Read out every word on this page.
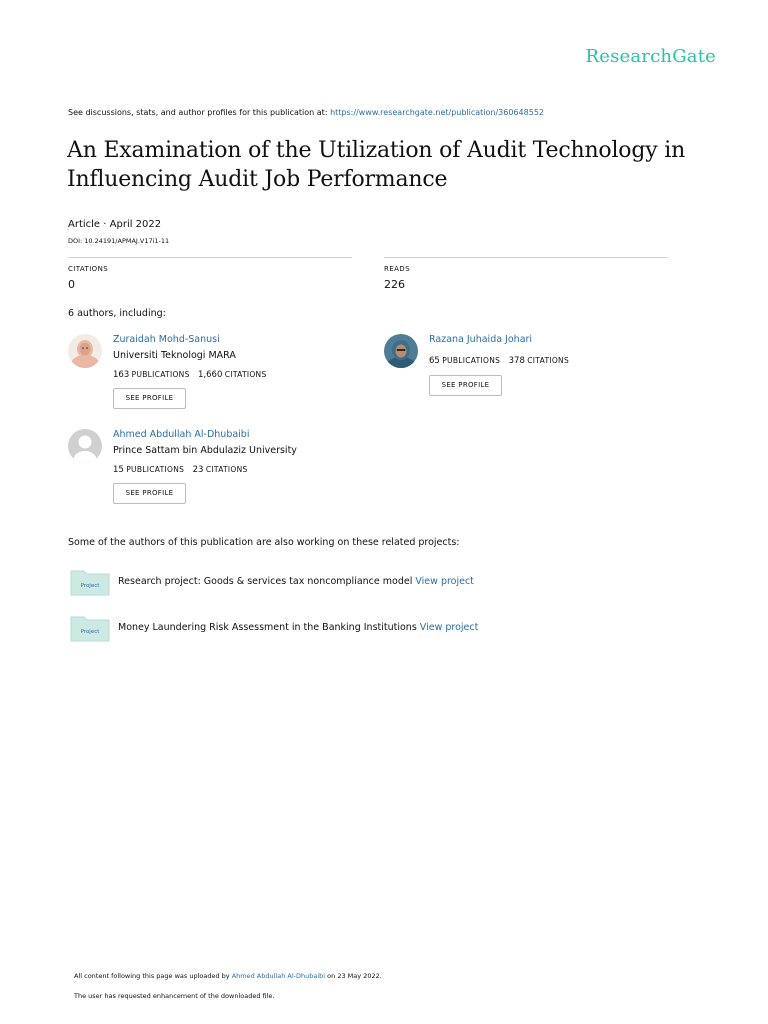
ResearchGate
See discussions, stats, and author profiles for this publication at: https://www.researchgate.net/publication/360648552
An Examination of the Utilization of Audit Technology in Influencing Audit Job Performance
Article · April 2022
DOI: 10.24191/APMAJ.V17i1-11
CITATIONS
0
READS
226
6 authors, including:
Zuraidah Mohd-Sanusi
Universiti Teknologi MARA
163 PUBLICATIONS 1,660 CITATIONS
SEE PROFILE
Razana Juhaida Johari
65 PUBLICATIONS 378 CITATIONS
SEE PROFILE
Ahmed Abdullah Al-Dhubaibi
Prince Sattam bin Abdulaziz University
15 PUBLICATIONS 23 CITATIONS
SEE PROFILE
Some of the authors of this publication are also working on these related projects:
Project Research project: Goods & services tax noncompliance model View project
Project Money Laundering Risk Assessment in the Banking Institutions View project
All content following this page was uploaded by Ahmed Abdullah Al-Dhubaibi on 23 May 2022.
The user has requested enhancement of the downloaded file.
